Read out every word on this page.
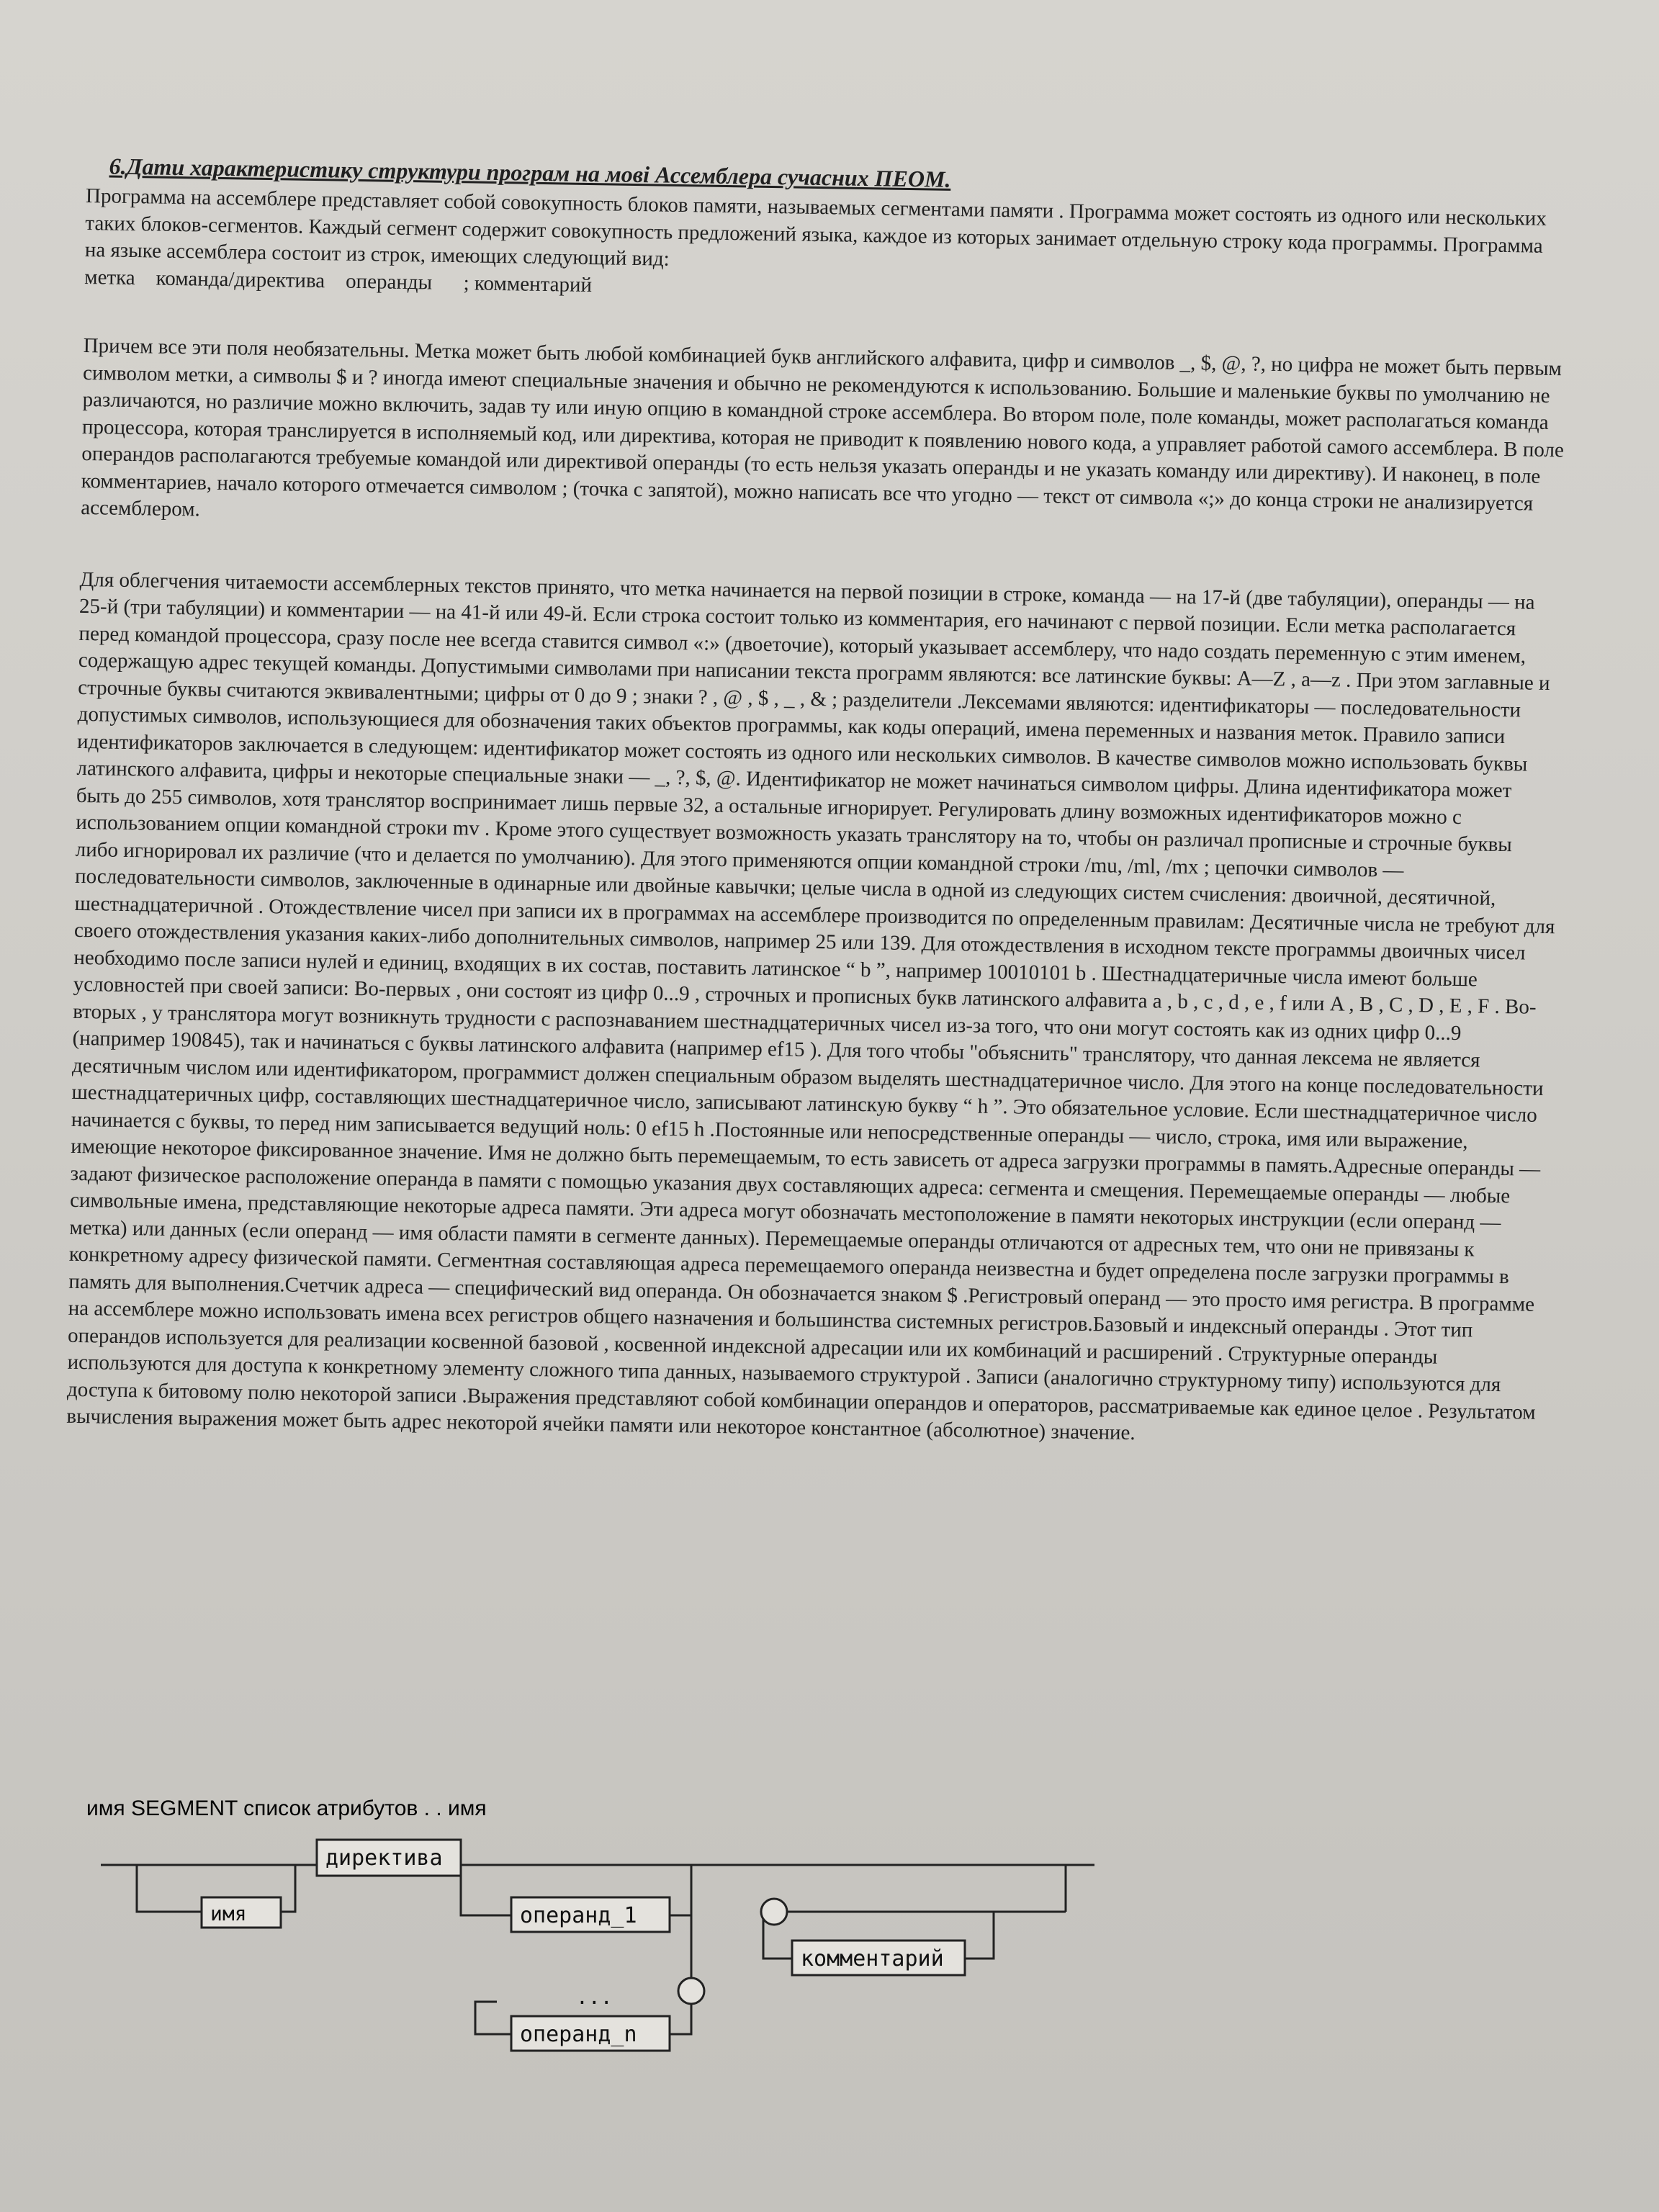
6.Дати характеристику структури програм на мові Ассемблера сучасних ПЕОМ.

Программа на ассемблере представляет собой совокупность блоков памяти, называемых сегментами памяти . Программа может состоять из одного или нескольких таких блоков-сегментов. Каждый сегмент содержит совокупность предложений языка, каждое из которых занимает отдельную строку кода программы. Программа на языке ассемблера состоит из строк, имеющих следующий вид:

метка    команда/директива    операнды      ; комментарий

Причем все эти поля необязательны. Метка может быть любой комбинацией букв английского алфавита, цифр и символов _, $, @, ?, но цифра не может быть первым символом метки, а символы $ и ? иногда имеют специальные значения и обычно не рекомендуются к использованию. Большие и маленькие буквы по умолчанию не различаются, но различие можно включить, задав ту или иную опцию в командной строке ассемблера. Во втором поле, поле команды, может располагаться команда процессора, которая транслируется в исполняемый код, или директива, которая не приводит к появлению нового кода, а управляет работой самого ассемблера. В поле операндов располагаются требуемые командой или директивой операнды (то есть нельзя указать операнды и не указать команду или директиву). И наконец, в поле комментариев, начало которого отмечается символом ; (точка с запятой), можно написать все что угодно — текст от символа «;» до конца строки не анализируется ассемблером.

Для облегчения читаемости ассемблерных текстов принято, что метка начинается на первой позиции в строке, команда — на 17-й (две табуляции), операнды — на 25-й (три табуляции) и комментарии — на 41-й или 49-й. Если строка состоит только из комментария, его начинают с первой позиции. Если метка располагается перед командой процессора, сразу после нее всегда ставится символ «:» (двоеточие), который указывает ассемблеру, что надо создать переменную с этим именем, содержащую адрес текущей команды. Допустимыми символами при написании текста программ являются: все латинские буквы: A—Z , a—z . При этом заглавные и строчные буквы считаются эквивалентными; цифры от 0 до 9 ; знаки ? , @ , $ , _ , & ; разделители .Лексемами являются: идентификаторы — последовательности допустимых символов, использующиеся для обозначения таких объектов программы, как коды операций, имена переменных и названия меток. Правило записи идентификаторов заключается в следующем: идентификатор может состоять из одного или нескольких символов. В качестве символов можно использовать буквы латинского алфавита, цифры и некоторые специальные знаки — _, ?, $, @. Идентификатор не может начинаться символом цифры. Длина идентификатора может быть до 255 символов, хотя транслятор воспринимает лишь первые 32, а остальные игнорирует. Регулировать длину возможных идентификаторов можно с использованием опции командной строки mv . Кроме этого существует возможность указать транслятору на то, чтобы он различал прописные и строчные буквы либо игнорировал их различие (что и делается по умолчанию). Для этого применяются опции командной строки /mu, /ml, /mx ; цепочки символов — последовательности символов, заключенные в одинарные или двойные кавычки; целые числа в одной из следующих систем счисления: двоичной, десятичной, шестнадцатеричной . Отождествление чисел при записи их в программах на ассемблере производится по определенным правилам: Десятичные числа не требуют для своего отождествления указания каких-либо дополнительных символов, например 25 или 139. Для отождествления в исходном тексте программы двоичных чисел необходимо после записи нулей и единиц, входящих в их состав, поставить латинское “ b ”, например 10010101 b . Шестнадцатеричные числа имеют больше условностей при своей записи: Во-первых , они состоят из цифр 0...9 , строчных и прописных букв латинского алфавита a , b , c , d , e , f или A , B , C , D , E , F . Во-вторых , у транслятора могут возникнуть трудности с распознаванием шестнадцатеричных чисел из-за того, что они могут состоять как из одних цифр 0...9 (например 190845), так и начинаться с буквы латинского алфавита (например ef15 ). Для того чтобы "объяснить" транслятору, что данная лексема не является десятичным числом или идентификатором, программист должен специальным образом выделять шестнадцатеричное число. Для этого на конце последовательности шестнадцатеричных цифр, составляющих шестнадцатеричное число, записывают латинскую букву “ h ”. Это обязательное условие. Если шестнадцатеричное число начинается с буквы, то перед ним записывается ведущий ноль: 0 ef15 h .Постоянные или непосредственные операнды — число, строка, имя или выражение, имеющие некоторое фиксированное значение. Имя не должно быть перемещаемым, то есть зависеть от адреса загрузки программы в память.Адресные операнды — задают физическое расположение операнда в памяти с помощью указания двух составляющих адреса: сегмента и смещения. Перемещаемые операнды — любые символьные имена, представляющие некоторые адреса памяти. Эти адреса могут обозначать местоположение в памяти некоторых инструкции (если операнд — метка) или данных (если операнд — имя области памяти в сегменте данных). Перемещаемые операнды отличаются от адресных тем, что они не привязаны к конкретному адресу физической памяти. Сегментная составляющая адреса перемещаемого операнда неизвестна и будет определена после загрузки программы в память для выполнения.Счетчик адреса — специфический вид операнда. Он обозначается знаком $ .Регистровый операнд — это просто имя регистра. В программе на ассемблере можно использовать имена всех регистров общего назначения и большинства системных регистров.Базовый и индексный операнды . Этот тип операндов используется для реализации косвенной базовой , косвенной индексной адресации или их комбинаций и расширений . Структурные операнды используются для доступа к конкретному элементу сложного типа данных, называемого структурой . Записи (аналогично структурному типу) используются для доступа к битовому полю некоторой записи .Выражения представляют собой комбинации операндов и операторов, рассматриваемые как единое целое . Результатом вычисления выражения может быть адрес некоторой ячейки памяти или некоторое константное (абсолютное) значение.

имя SEGMENT список атрибутов . . имя
директива
имя	операнд_1
операнд_n
комментарий
...
